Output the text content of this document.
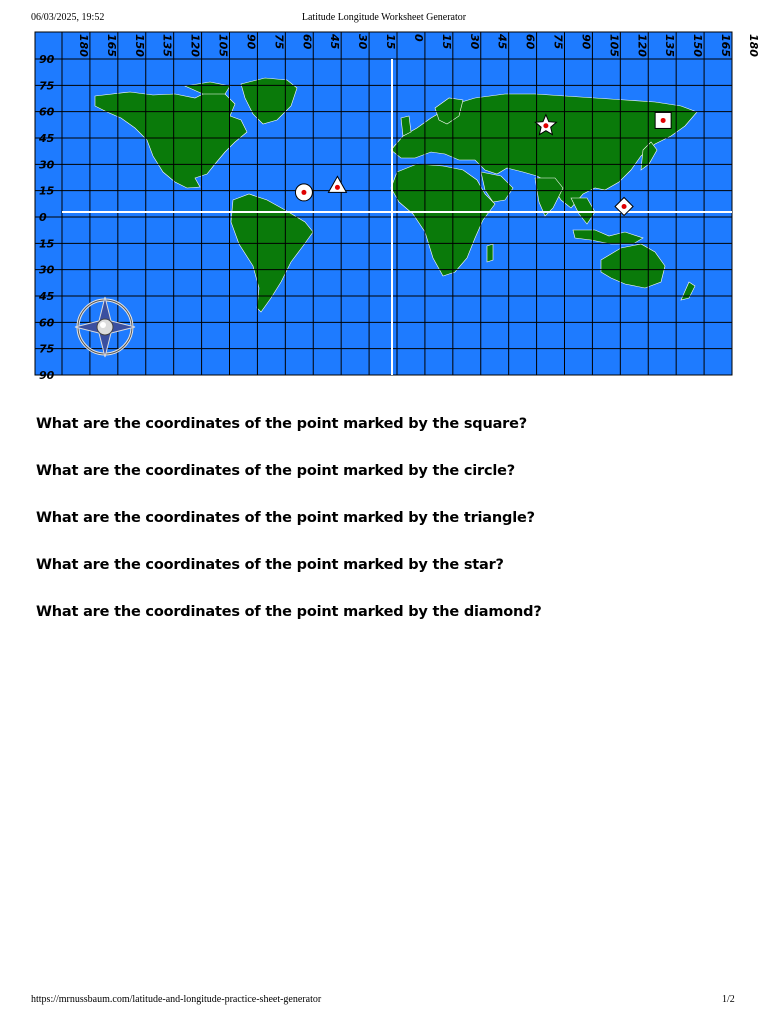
06/03/2025, 19:52	Latitude Longitude Worksheet Generator
180 165 150 135 120 105 90 75 60 45 30 15 0 15 30 45 60 75 90 105 120 135 150 165 180
90
75
60
45
30
15
0
15
30
45
60
75
90
What are the coordinates of the point marked by the square?
What are the coordinates of the point marked by the circle?
What are the coordinates of the point marked by the triangle?
What are the coordinates of the point marked by the star?
What are the coordinates of the point marked by the diamond?
https://mrnussbaum.com/latitude-and-longitude-practice-sheet-generator	1/2
